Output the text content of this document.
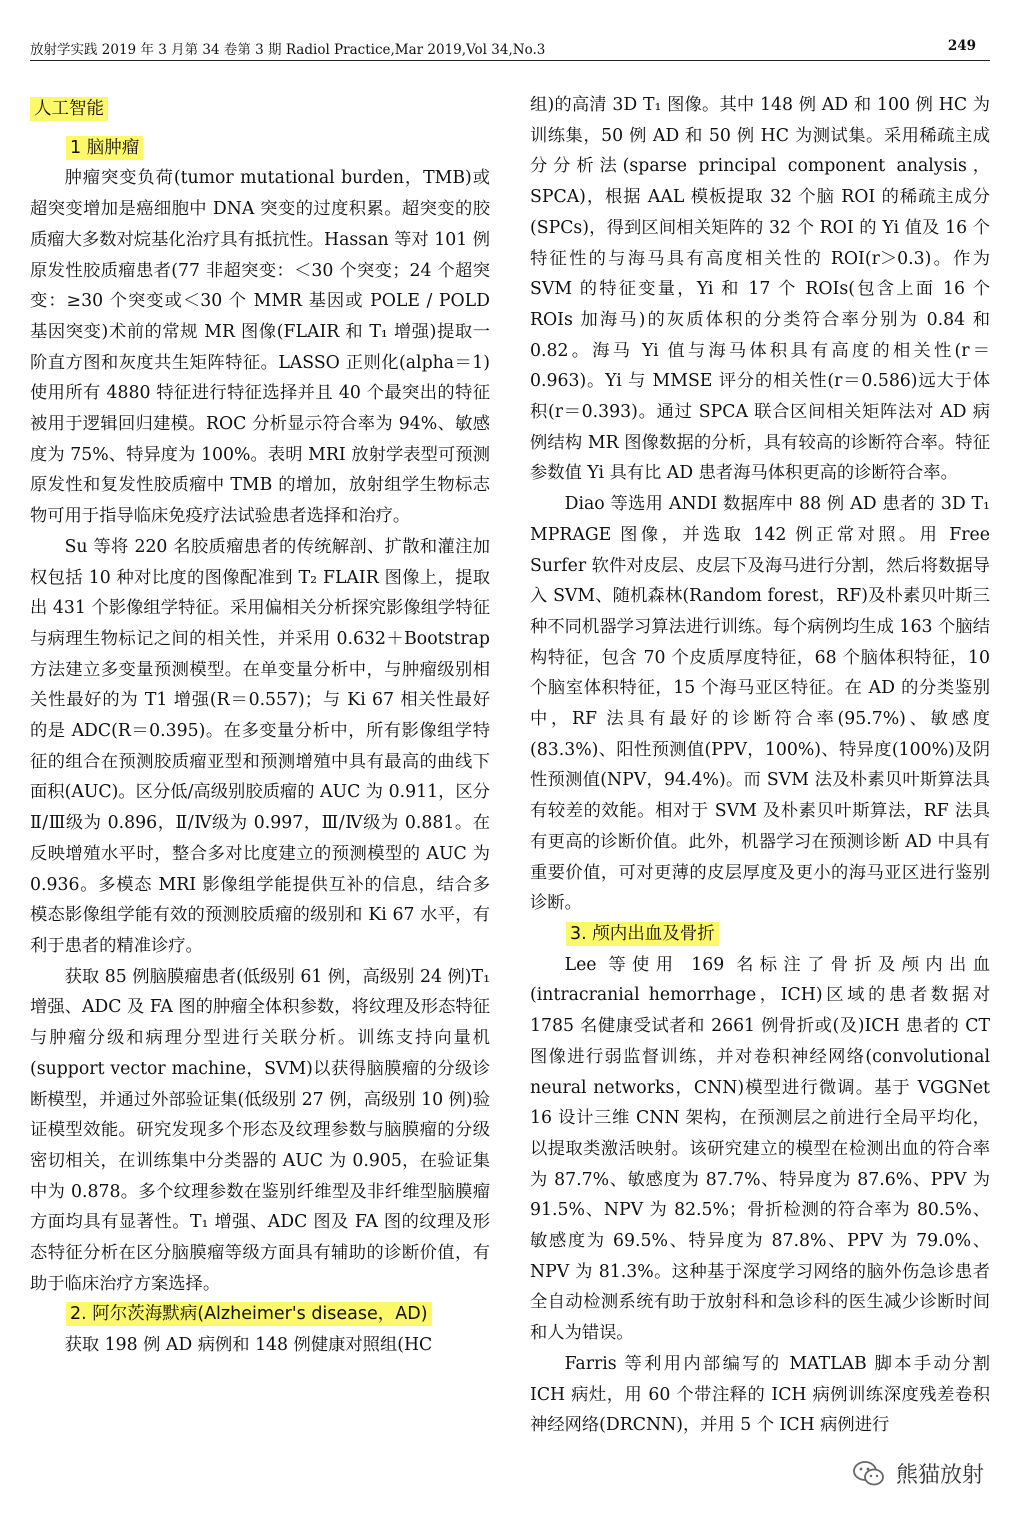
放射学实践 2019 年 3 月第 34 卷第 3 期 Radiol Practice,Mar 2019,Vol 34,No.3	249
人工智能
1 脑肿瘤

肿瘤突变负荷(tumor mutational burden，TMB)或超突变增加是癌细胞中 DNA 突变的过度积累。超突变的胶质瘤大多数对烷基化治疗具有抵抗性。Hassan 等对 101 例原发性胶质瘤患者(77 非超突变：＜30 个突变；24 个超突变：≥30 个突变或＜30 个 MMR 基因或 POLE / POLD 基因突变)术前的常规 MR 图像(FLAIR 和 T₁ 增强)提取一阶直方图和灰度共生矩阵特征。LASSO 正则化(alpha＝1)使用所有 4880 特征进行特征选择并且 40 个最突出的特征被用于逻辑回归建模。ROC 分析显示符合率为 94%、敏感度为 75%、特异度为 100%。表明 MRI 放射学表型可预测原发性和复发性胶质瘤中 TMB 的增加，放射组学生物标志物可用于指导临床免疫疗法试验患者选择和治疗。

Su 等将 220 名胶质瘤患者的传统解剖、扩散和灌注加权包括 10 种对比度的图像配准到 T₂ FLAIR 图像上，提取出 431 个影像组学特征。采用偏相关分析探究影像组学特征与病理生物标记之间的相关性，并采用 0.632＋Bootstrap 方法建立多变量预测模型。在单变量分析中，与肿瘤级别相关性最好的为 T1 增强(R＝0.557)；与 Ki 67 相关性最好的是 ADC(R＝0.395)。在多变量分析中，所有影像组学特征的组合在预测胶质瘤亚型和预测增殖中具有最高的曲线下面积(AUC)。区分低/高级别胶质瘤的 AUC 为 0.911，区分Ⅱ/Ⅲ级为 0.896，Ⅱ/Ⅳ级为 0.997，Ⅲ/Ⅳ级为 0.881。在反映增殖水平时，整合多对比度建立的预测模型的 AUC 为 0.936。多模态 MRI 影像组学能提供互补的信息，结合多模态影像组学能有效的预测胶质瘤的级别和 Ki 67 水平，有利于患者的精准诊疗。

获取 85 例脑膜瘤患者(低级别 61 例，高级别 24 例)T₁ 增强、ADC 及 FA 图的肿瘤全体积参数，将纹理及形态特征与肿瘤分级和病理分型进行关联分析。训练支持向量机(support vector machine，SVM)以获得脑膜瘤的分级诊断模型，并通过外部验证集(低级别 27 例，高级别 10 例)验证模型效能。研究发现多个形态及纹理参数与脑膜瘤的分级密切相关，在训练集中分类器的 AUC 为 0.905，在验证集中为 0.878。多个纹理参数在鉴别纤维型及非纤维型脑膜瘤方面均具有显著性。T₁ 增强、ADC 图及 FA 图的纹理及形态特征分析在区分脑膜瘤等级方面具有辅助的诊断价值，有助于临床治疗方案选择。

2. 阿尔茨海默病(Alzheimer's disease，AD)

获取 198 例 AD 病例和 148 例健康对照组(HC

组)的高清 3D T₁ 图像。其中 148 例 AD 和 100 例 HC 为训练集，50 例 AD 和 50 例 HC 为测试集。采用稀疏主成分分析法(sparse principal component analysis，SPCA)，根据 AAL 模板提取 32 个脑 ROI 的稀疏主成分(SPCs)，得到区间相关矩阵的 32 个 ROI 的 Yi 值及 16 个特征性的与海马具有高度相关性的 ROI(r＞0.3)。作为 SVM 的特征变量，Yi 和 17 个 ROIs(包含上面 16 个 ROIs 加海马)的灰质体积的分类符合率分别为 0.84 和 0.82。海马 Yi 值与海马体积具有高度的相关性(r＝0.963)。Yi 与 MMSE 评分的相关性(r＝0.586)远大于体积(r＝0.393)。通过 SPCA 联合区间相关矩阵法对 AD 病例结构 MR 图像数据的分析，具有较高的诊断符合率。特征参数值 Yi 具有比 AD 患者海马体积更高的诊断符合率。

Diao 等选用 ANDI 数据库中 88 例 AD 患者的 3D T₁ MPRAGE 图像，并选取 142 例正常对照。用 Free Surfer 软件对皮层、皮层下及海马进行分割，然后将数据导入 SVM、随机森林(Random forest，RF)及朴素贝叶斯三种不同机器学习算法进行训练。每个病例均生成 163 个脑结构特征，包含 70 个皮质厚度特征，68 个脑体积特征，10 个脑室体积特征，15 个海马亚区特征。在 AD 的分类鉴别中，RF 法具有最好的诊断符合率(95.7%)、敏感度(83.3%)、阳性预测值(PPV，100%)、特异度(100%)及阴性预测值(NPV，94.4%)。而 SVM 法及朴素贝叶斯算法具有较差的效能。相对于 SVM 及朴素贝叶斯算法，RF 法具有更高的诊断价值。此外，机器学习在预测诊断 AD 中具有重要价值，可对更薄的皮层厚度及更小的海马亚区进行鉴别诊断。

3. 颅内出血及骨折

Lee 等使用 169 名标注了骨折及颅内出血(intracranial hemorrhage，ICH)区域的患者数据对 1785 名健康受试者和 2661 例骨折或(及)ICH 患者的 CT 图像进行弱监督训练，并对卷积神经网络(convolutional neural networks，CNN)模型进行微调。基于 VGGNet 16 设计三维 CNN 架构，在预测层之前进行全局平均化，以提取类激活映射。该研究建立的模型在检测出血的符合率为 87.7%、敏感度为 87.7%、特异度为 87.6%、PPV 为 91.5%、NPV 为 82.5%；骨折检测的符合率为 80.5%、敏感度为 69.5%、特异度为 87.8%、PPV 为 79.0%、NPV 为 81.3%。这种基于深度学习网络的脑外伤急诊患者全自动检测系统有助于放射科和急诊科的医生减少诊断时间和人为错误。

Farris 等利用内部编写的 MATLAB 脚本手动分割 ICH 病灶，用 60 个带注释的 ICH 病例训练深度残差卷积神经网络(DRCNN)，并用 5 个 ICH 病例进行

熊猫放射
